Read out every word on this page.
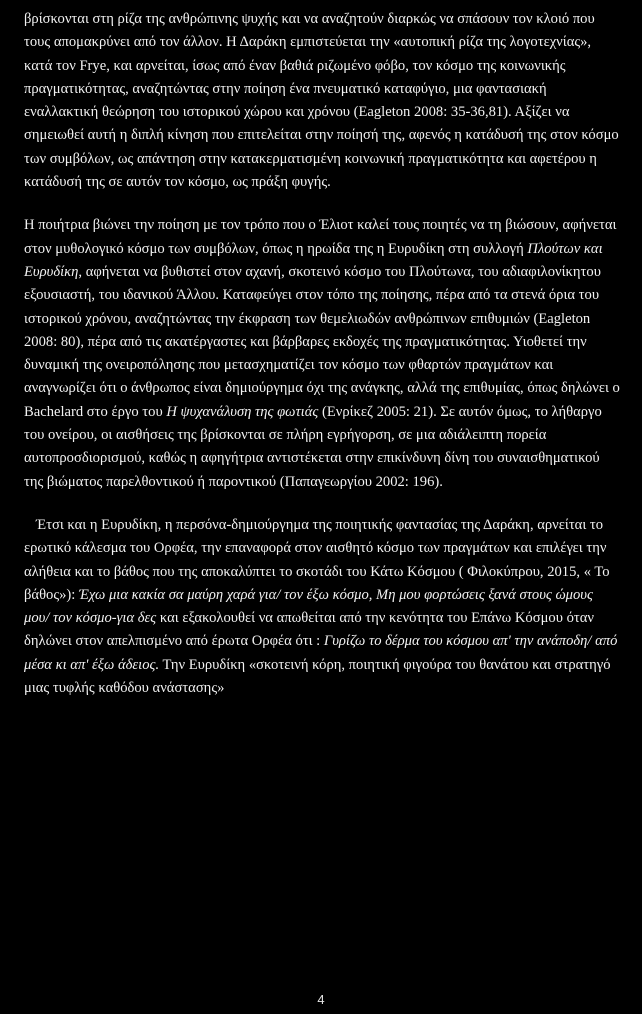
βρίσκονται στη ρίζα της ανθρώπινης ψυχής και να αναζητούν διαρκώς να σπάσουν τον κλοιό που τους απομακρύνει από τον άλλον. Η Δαράκη εμπιστεύεται την «αυτοπική ρίζα της λογοτεχνίας», κατά τον Frye, και αρνείται, ίσως από έναν βαθιά ριζωμένο φόβο, τον κόσμο της κοινωνικής πραγματικότητας, αναζητώντας στην ποίηση ένα πνευματικό καταφύγιο, μια φαντασιακή εναλλακτική θεώρηση του ιστορικού χώρου και χρόνου (Eagleton 2008: 35-36,81). Αξίζει να σημειωθεί αυτή η διπλή κίνηση που επιτελείται στην ποίησή της, αφενός η κατάδυσή της στον κόσμο των συμβόλων, ως απάντηση στην κατακερματισμένη κοινωνική πραγματικότητα και αφετέρου η κατάδυσή της σε αυτόν τον κόσμο, ως πράξη φυγής.

Η ποιήτρια βιώνει την ποίηση με τον τρόπο που ο Έλιοτ καλεί τους ποιητές να τη βιώσουν, αφήνεται στον μυθολογικό κόσμο των συμβόλων, όπως η ηρωίδα της η Ευρυδίκη στη συλλογή Πλούτων και Ευρυδίκη, αφήνεται να βυθιστεί στον αχανή, σκοτεινό κόσμο του Πλούτωνα, του αδιαφιλονίκητου εξουσιαστή, του ιδανικού Άλλου. Καταφεύγει στον τόπο της ποίησης, πέρα από τα στενά όρια του ιστορικού χρόνου, αναζητώντας την έκφραση των θεμελιωδών ανθρώπινων επιθυμιών (Eagleton 2008: 80), πέρα από τις ακατέργαστες και βάρβαρες εκδοχές της πραγματικότητας. Υιοθετεί την δυναμική της ονειροπόλησης που μετασχηματίζει τον κόσμο των φθαρτών πραγμάτων και αναγνωρίζει ότι ο άνθρωπος είναι δημιούργημα όχι της ανάγκης, αλλά της επιθυμίας, όπως δηλώνει ο Bachelard στο έργο του Η ψυχανάλυση της φωτιάς (Ενρίκεζ 2005: 21). Σε αυτόν όμως, το λήθαργο του ονείρου, οι αισθήσεις της βρίσκονται σε πλήρη εγρήγορση, σε μια αδιάλειπτη πορεία αυτοπροσδιορισμού, καθώς η αφηγήτρια αντιστέκεται στην επικίνδυνη δίνη του συναισθηματικού της βιώματος παρελθοντικού ή παροντικού (Παπαγεωργίου 2002: 196).

Έτσι και η Ευρυδίκη, η περσόνα-δημιούργημα της ποιητικής φαντασίας της Δαράκη, αρνείται το ερωτικό κάλεσμα του Ορφέα, την επαναφορά στον αισθητό κόσμο των πραγμάτων και επιλέγει την αλήθεια και το βάθος που της αποκαλύπτει το σκοτάδι του Κάτω Κόσμου ( Φιλοκύπρου, 2015, « Το βάθος»): Έχω μια κακία σα μαύρη χαρά για/ τον έξω κόσμο, Μη μου φορτώσεις ξανά στους ώμους μου/ τον κόσμο-για δες και εξακολουθεί να απωθείται από την κενότητα του Επάνω Κόσμου όταν δηλώνει στον απελπισμένο από έρωτα Ορφέα ότι : Γυρίζω το δέρμα του κόσμου απ' την ανάποδη/ από μέσα κι απ' έξω άδειος. Την Ευρυδίκη «σκοτεινή κόρη, ποιητική φιγούρα του θανάτου και στρατηγό μιας τυφλής καθόδου ανάστασης»

4
